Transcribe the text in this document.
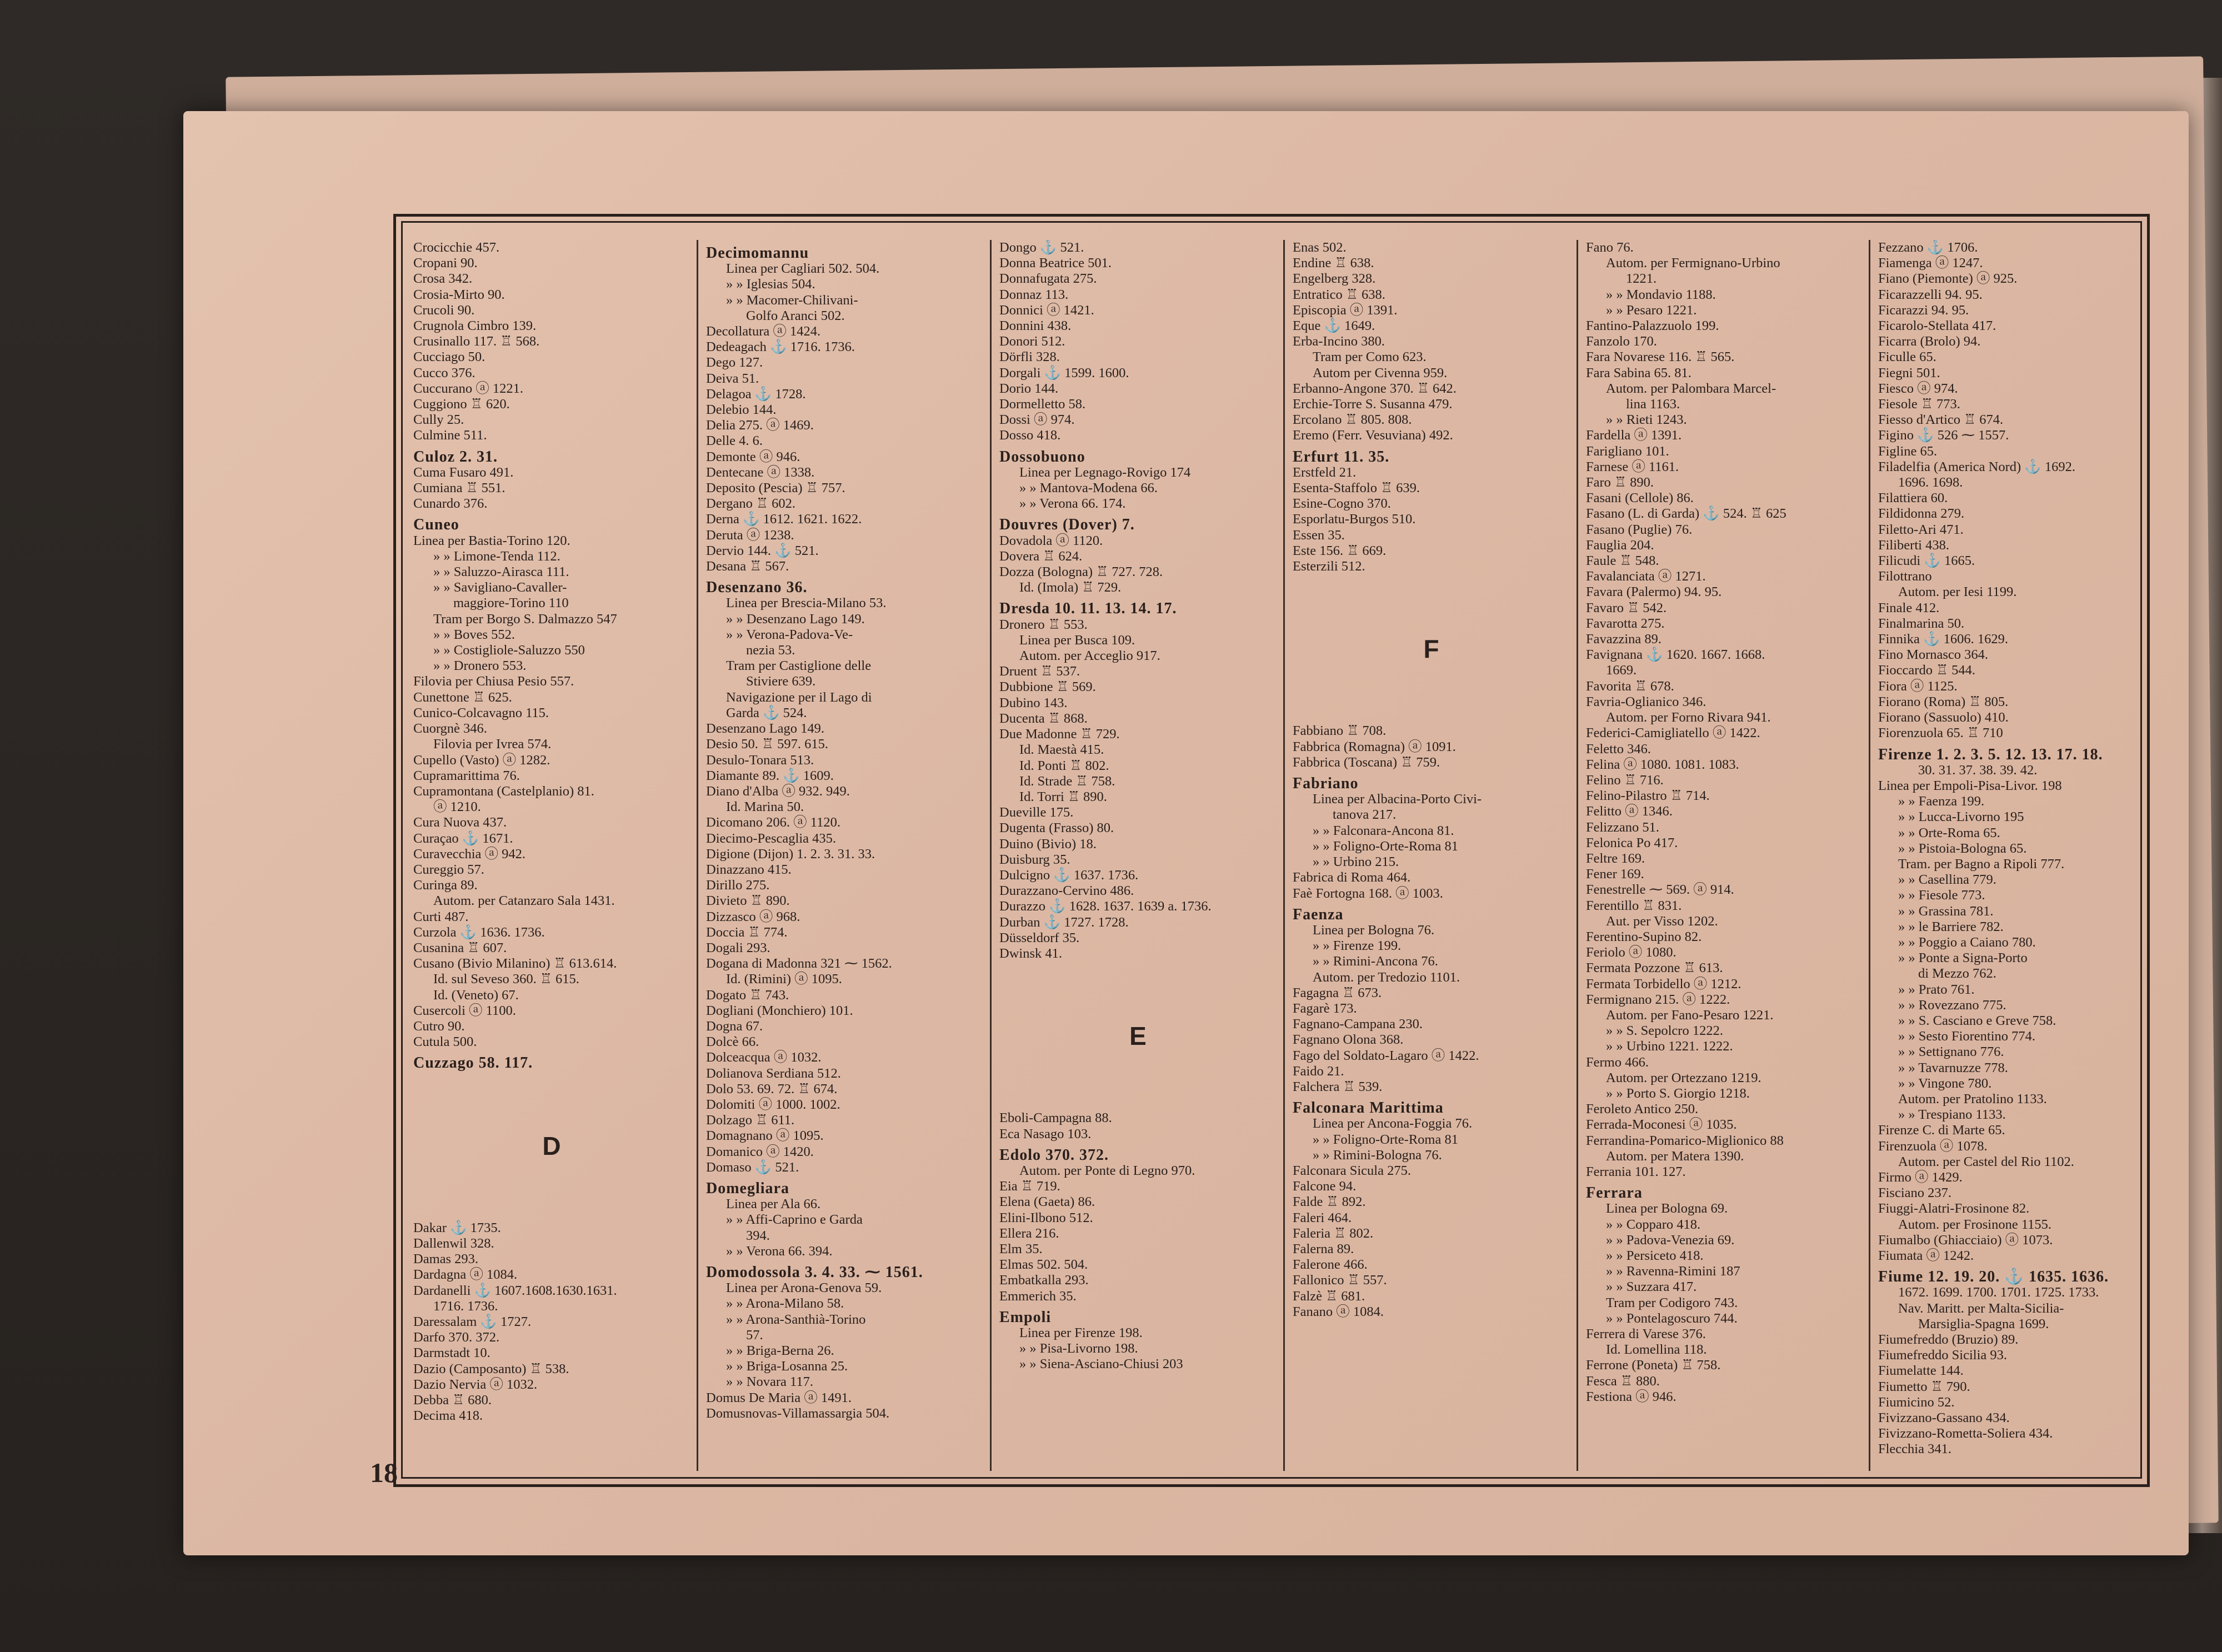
18
Crocicchie 457.
Cropani 90.
Crosa 342.
Crosia-Mirto 90.
Crucoli 90.
Crugnola Cimbro 139.
Crusinallo 117. ♖ 568.
Cucciago 50.
Cucco 376.
Cuccurano ⓐ 1221.
Cuggiono ♖ 620.
Cully 25.
Culmine 511.
Culoz 2. 31.
Cuma Fusaro 491.
Cumiana ♖ 551.
Cunardo 376.
Cuneo
Linea per Bastia-Torino 120.
» » Limone-Tenda 112.
» » Saluzzo-Airasca 111.
» » Savigliano-Cavaller-
maggiore-Torino 110
Tram per Borgo S. Dalmazzo 547
» » Boves 552.
» » Costigliole-Saluzzo 550
» » Dronero 553.
Filovia per Chiusa Pesio 557.
Cunettone ♖ 625.
Cunico-Colcavagno 115.
Cuorgnè 346.
Filovia per Ivrea 574.
Cupello (Vasto) ⓐ 1282.
Cupramarittima 76.
Cupramontana (Castelplanio) 81.
ⓐ 1210.
Cura Nuova 437.
Curaçao ⚓ 1671.
Curavecchia ⓐ 942.
Cureggio 57.
Curinga 89.
Autom. per Catanzaro Sala 1431.
Curti 487.
Curzola ⚓ 1636. 1736.
Cusanina ♖ 607.
Cusano (Bivio Milanino) ♖ 613.614.
Id. sul Seveso 360. ♖ 615.
Id. (Veneto) 67.
Cusercoli ⓐ 1100.
Cutro 90.
Cutula 500.
Cuzzago 58. 117.
D
Dakar ⚓ 1735.
Dallenwil 328.
Damas 293.
Dardagna ⓐ 1084.
Dardanelli ⚓ 1607.1608.1630.1631.
1716. 1736.
Daressalam ⚓ 1727.
Darfo 370. 372.
Darmstadt 10.
Dazio (Camposanto) ♖ 538.
Dazio Nervia ⓐ 1032.
Debba ♖ 680.
Decima 418.
Decimomannu
Linea per Cagliari 502. 504.
» » Iglesias 504.
» » Macomer-Chilivani-
Golfo Aranci 502.
Decollatura ⓐ 1424.
Dedeagach ⚓ 1716. 1736.
Dego 127.
Deiva 51.
Delagoa ⚓ 1728.
Delebio 144.
Delia 275. ⓐ 1469.
Delle 4. 6.
Demonte ⓐ 946.
Dentecane ⓐ 1338.
Deposito (Pescia) ♖ 757.
Dergano ♖ 602.
Derna ⚓ 1612. 1621. 1622.
Deruta ⓐ 1238.
Dervio 144. ⚓ 521.
Desana ♖ 567.
Desenzano 36.
Linea per Brescia-Milano 53.
» » Desenzano Lago 149.
» » Verona-Padova-Ve-
nezia 53.
Tram per Castiglione delle
Stiviere 639.
Navigazione per il Lago di
Garda ⚓ 524.
Desenzano Lago 149.
Desio 50. ♖ 597. 615.
Desulo-Tonara 513.
Diamante 89. ⚓ 1609.
Diano d'Alba ⓐ 932. 949.
Id. Marina 50.
Dicomano 206. ⓐ 1120.
Diecimo-Pescaglia 435.
Digione (Dijon) 1. 2. 3. 31. 33.
Dinazzano 415.
Dirillo 275.
Divieto ♖ 890.
Dizzasco ⓐ 968.
Doccia ♖ 774.
Dogali 293.
Dogana di Madonna 321 ⁓ 1562.
Id. (Rimini) ⓐ 1095.
Dogato ♖ 743.
Dogliani (Monchiero) 101.
Dogna 67.
Dolcè 66.
Dolceacqua ⓐ 1032.
Dolianova Serdiana 512.
Dolo 53. 69. 72. ♖ 674.
Dolomiti ⓐ 1000. 1002.
Dolzago ♖ 611.
Domagnano ⓐ 1095.
Domanico ⓐ 1420.
Domaso ⚓ 521.
Domegliara
Linea per Ala 66.
» » Affi-Caprino e Garda
394.
» » Verona 66. 394.
Domodossola 3. 4. 33. ⁓ 1561.
Linea per Arona-Genova 59.
» » Arona-Milano 58.
» » Arona-Santhià-Torino
57.
» » Briga-Berna 26.
» » Briga-Losanna 25.
» » Novara 117.
Domus De Maria ⓐ 1491.
Domusnovas-Villamassargia 504.
Dongo ⚓ 521.
Donna Beatrice 501.
Donnafugata 275.
Donnaz 113.
Donnici ⓐ 1421.
Donnini 438.
Donori 512.
Dörfli 328.
Dorgali ⚓ 1599. 1600.
Dorio 144.
Dormelletto 58.
Dossi ⓐ 974.
Dosso 418.
Dossobuono
Linea per Legnago-Rovigo 174
» » Mantova-Modena 66.
» » Verona 66. 174.
Douvres (Dover) 7.
Dovadola ⓐ 1120.
Dovera ♖ 624.
Dozza (Bologna) ♖ 727. 728.
Id. (Imola) ♖ 729.
Dresda 10. 11. 13. 14. 17.
Dronero ♖ 553.
Linea per Busca 109.
Autom. per Acceglio 917.
Druent ♖ 537.
Dubbione ♖ 569.
Dubino 143.
Ducenta ♖ 868.
Due Madonne ♖ 729.
Id. Maestà 415.
Id. Ponti ♖ 802.
Id. Strade ♖ 758.
Id. Torri ♖ 890.
Dueville 175.
Dugenta (Frasso) 80.
Duino (Bivio) 18.
Duisburg 35.
Dulcigno ⚓ 1637. 1736.
Durazzano-Cervino 486.
Durazzo ⚓ 1628. 1637. 1639 a. 1736.
Durban ⚓ 1727. 1728.
Düsseldorf 35.
Dwinsk 41.
E
Eboli-Campagna 88.
Eca Nasago 103.
Edolo 370. 372.
Autom. per Ponte di Legno 970.
Eia ♖ 719.
Elena (Gaeta) 86.
Elini-Ilbono 512.
Ellera 216.
Elm 35.
Elmas 502. 504.
Embatkalla 293.
Emmerich 35.
Empoli
Linea per Firenze 198.
» » Pisa-Livorno 198.
» » Siena-Asciano-Chiusi 203
Enas 502.
Endine ♖ 638.
Engelberg 328.
Entratico ♖ 638.
Episcopia ⓐ 1391.
Eque ⚓ 1649.
Erba-Incino 380.
Tram per Como 623.
Autom per Civenna 959.
Erbanno-Angone 370. ♖ 642.
Erchie-Torre S. Susanna 479.
Ercolano ♖ 805. 808.
Eremo (Ferr. Vesuviana) 492.
Erfurt 11. 35.
Erstfeld 21.
Esenta-Staffolo ♖ 639.
Esine-Cogno 370.
Esporlatu-Burgos 510.
Essen 35.
Este 156. ♖ 669.
Esterzili 512.
F
Fabbiano ♖ 708.
Fabbrica (Romagna) ⓐ 1091.
Fabbrica (Toscana) ♖ 759.
Fabriano
Linea per Albacina-Porto Civi-
tanova 217.
» » Falconara-Ancona 81.
» » Foligno-Orte-Roma 81
» » Urbino 215.
Fabrica di Roma 464.
Faè Fortogna 168. ⓐ 1003.
Faenza
Linea per Bologna 76.
» » Firenze 199.
» » Rimini-Ancona 76.
Autom. per Tredozio 1101.
Fagagna ♖ 673.
Fagarè 173.
Fagnano-Campana 230.
Fagnano Olona 368.
Fago del Soldato-Lagaro ⓐ 1422.
Faido 21.
Falchera ♖ 539.
Falconara Marittima
Linea per Ancona-Foggia 76.
» » Foligno-Orte-Roma 81
» » Rimini-Bologna 76.
Falconara Sicula 275.
Falcone 94.
Falde ♖ 892.
Faleri 464.
Faleria ♖ 802.
Falerna 89.
Falerone 466.
Fallonico ♖ 557.
Falzè ♖ 681.
Fanano ⓐ 1084.
Fano 76.
Autom. per Fermignano-Urbino
1221.
» » Mondavio 1188.
» » Pesaro 1221.
Fantino-Palazzuolo 199.
Fanzolo 170.
Fara Novarese 116. ♖ 565.
Fara Sabina 65. 81.
Autom. per Palombara Marcel-
lina 1163.
» » Rieti 1243.
Fardella ⓐ 1391.
Farigliano 101.
Farnese ⓐ 1161.
Faro ♖ 890.
Fasani (Cellole) 86.
Fasano (L. di Garda) ⚓ 524. ♖ 625
Fasano (Puglie) 76.
Fauglia 204.
Faule ♖ 548.
Favalanciata ⓐ 1271.
Favara (Palermo) 94. 95.
Favaro ♖ 542.
Favarotta 275.
Favazzina 89.
Favignana ⚓ 1620. 1667. 1668.
1669.
Favorita ♖ 678.
Favria-Oglianico 346.
Autom. per Forno Rivara 941.
Federici-Camigliatello ⓐ 1422.
Feletto 346.
Felina ⓐ 1080. 1081. 1083.
Felino ♖ 716.
Felino-Pilastro ♖ 714.
Felitto ⓐ 1346.
Felizzano 51.
Felonica Po 417.
Feltre 169.
Fener 169.
Fenestrelle ⁓ 569. ⓐ 914.
Ferentillo ♖ 831.
Aut. per Visso 1202.
Ferentino-Supino 82.
Feriolo ⓐ 1080.
Fermata Pozzone ♖ 613.
Fermata Torbidello ⓐ 1212.
Fermignano 215. ⓐ 1222.
Autom. per Fano-Pesaro 1221.
» » S. Sepolcro 1222.
» » Urbino 1221. 1222.
Fermo 466.
Autom. per Ortezzano 1219.
» » Porto S. Giorgio 1218.
Feroleto Antico 250.
Ferrada-Moconesi ⓐ 1035.
Ferrandina-Pomarico-Miglionico 88
Autom. per Matera 1390.
Ferrania 101. 127.
Ferrara
Linea per Bologna 69.
» » Copparo 418.
» » Padova-Venezia 69.
» » Persiceto 418.
» » Ravenna-Rimini 187
» » Suzzara 417.
Tram per Codigoro 743.
» » Pontelagoscuro 744.
Ferrera di Varese 376.
Id. Lomellina 118.
Ferrone (Poneta) ♖ 758.
Fesca ♖ 880.
Festiona ⓐ 946.
Fezzano ⚓ 1706.
Fiamenga ⓐ 1247.
Fiano (Piemonte) ⓐ 925.
Ficarazzelli 94. 95.
Ficarazzi 94. 95.
Ficarolo-Stellata 417.
Ficarra (Brolo) 94.
Ficulle 65.
Fiegni 501.
Fiesco ⓐ 974.
Fiesole ♖ 773.
Fiesso d'Artico ♖ 674.
Figino ⚓ 526 ⁓ 1557.
Figline 65.
Filadelfia (America Nord) ⚓ 1692.
1696. 1698.
Filattiera 60.
Fildidonna 279.
Filetto-Ari 471.
Filiberti 438.
Filicudi ⚓ 1665.
Filottrano
Autom. per Iesi 1199.
Finale 412.
Finalmarina 50.
Finnika ⚓ 1606. 1629.
Fino Mornasco 364.
Fioccardo ♖ 544.
Fiora ⓐ 1125.
Fiorano (Roma) ♖ 805.
Fiorano (Sassuolo) 410.
Fiorenzuola 65. ♖ 710
Firenze 1. 2. 3. 5. 12. 13. 17. 18.
30. 31. 37. 38. 39. 42.
Linea per Empoli-Pisa-Livor. 198
» » Faenza 199.
» » Lucca-Livorno 195
» » Orte-Roma 65.
» » Pistoia-Bologna 65.
Tram. per Bagno a Ripoli 777.
» » Casellina 779.
» » Fiesole 773.
» » Grassina 781.
» » le Barriere 782.
» » Poggio a Caiano 780.
» » Ponte a Signa-Porto
di Mezzo 762.
» » Prato 761.
» » Rovezzano 775.
» » S. Casciano e Greve 758.
» » Sesto Fiorentino 774.
» » Settignano 776.
» » Tavarnuzze 778.
» » Vingone 780.
Autom. per Pratolino 1133.
» » Trespiano 1133.
Firenze C. di Marte 65.
Firenzuola ⓐ 1078.
Autom. per Castel del Rio 1102.
Firmo ⓐ 1429.
Fisciano 237.
Fiuggi-Alatri-Frosinone 82.
Autom. per Frosinone 1155.
Fiumalbo (Ghiacciaio) ⓐ 1073.
Fiumata ⓐ 1242.
Fiume 12. 19. 20. ⚓ 1635. 1636.
1672. 1699. 1700. 1701. 1725. 1733.
Nav. Maritt. per Malta-Sicilia-
Marsiglia-Spagna 1699.
Fiumefreddo (Bruzio) 89.
Fiumefreddo Sicilia 93.
Fiumelatte 144.
Fiumetto ♖ 790.
Fiumicino 52.
Fivizzano-Gassano 434.
Fivizzano-Rometta-Soliera 434.
Flecchia 341.
